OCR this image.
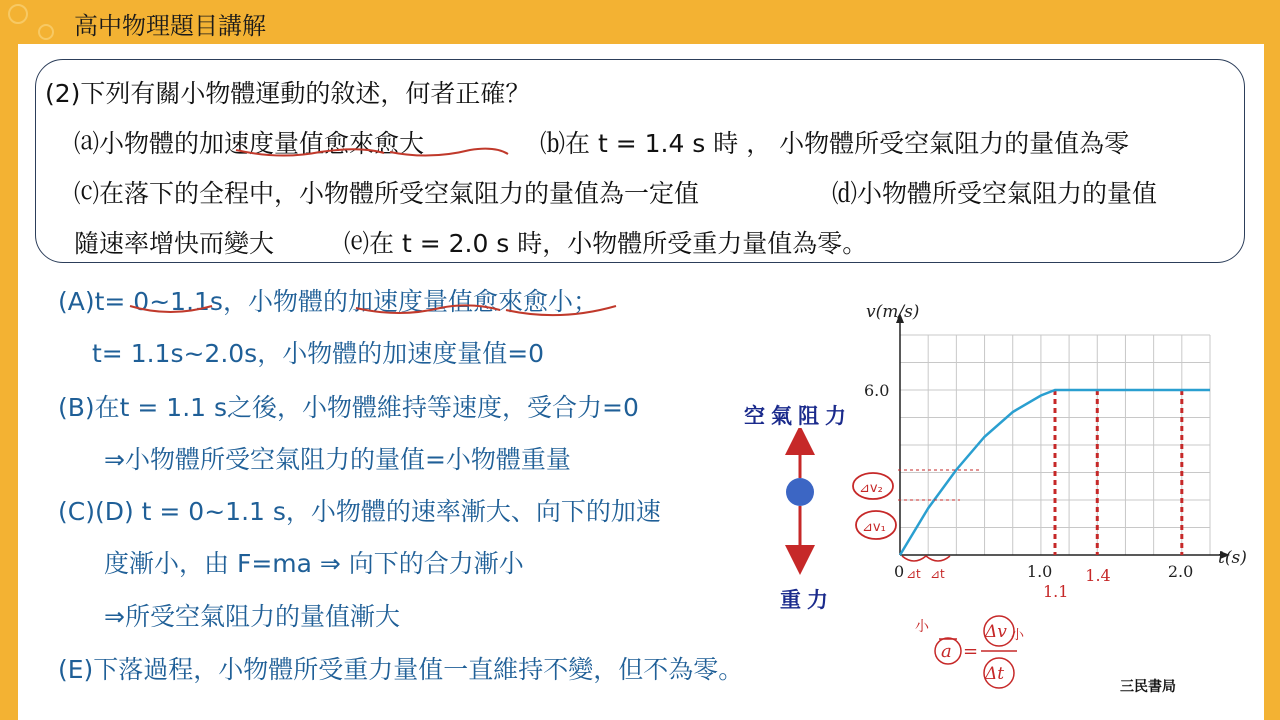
高中物理題目講解
(2)下列有關小物體運動的敘述，何者正確？
⒜小物體的加速度量值愈來愈大	⒝在 t = 1.4 s 時 ， 小物體所受空氣阻力的量值為零
⒞在落下的全程中，小物體所受空氣阻力的量值為一定值	⒟小物體所受空氣阻力的量值
隨速率增快而變大	⒠在 t = 2.0 s 時，小物體所受重力量值為零。
(A)t= 0~1.1s，小物體的加速度量值愈來愈小；
t= 1.1s~2.0s，小物體的加速度量值=0
(B)在t = 1.1 s之後，小物體維持等速度，受合力=0
⇒小物體所受空氣阻力的量值=小物體重量
(C)(D) t = 0~1.1 s，小物體的速率漸大、向下的加速
度漸小，由 F=ma ⇒ 向下的合力漸小
⇒所受空氣阻力的量值漸大
(E)下落過程，小物體所受重力量值一直維持不變，但不為零。
空氣阻力
重力	1.1
1.4
v(m/s)
t(s)
0	1.0	2.0
6.0
⊿v₂
⊿v₁
⊿t ⊿t
小
a =
Δv
Δt
小
三民書局
